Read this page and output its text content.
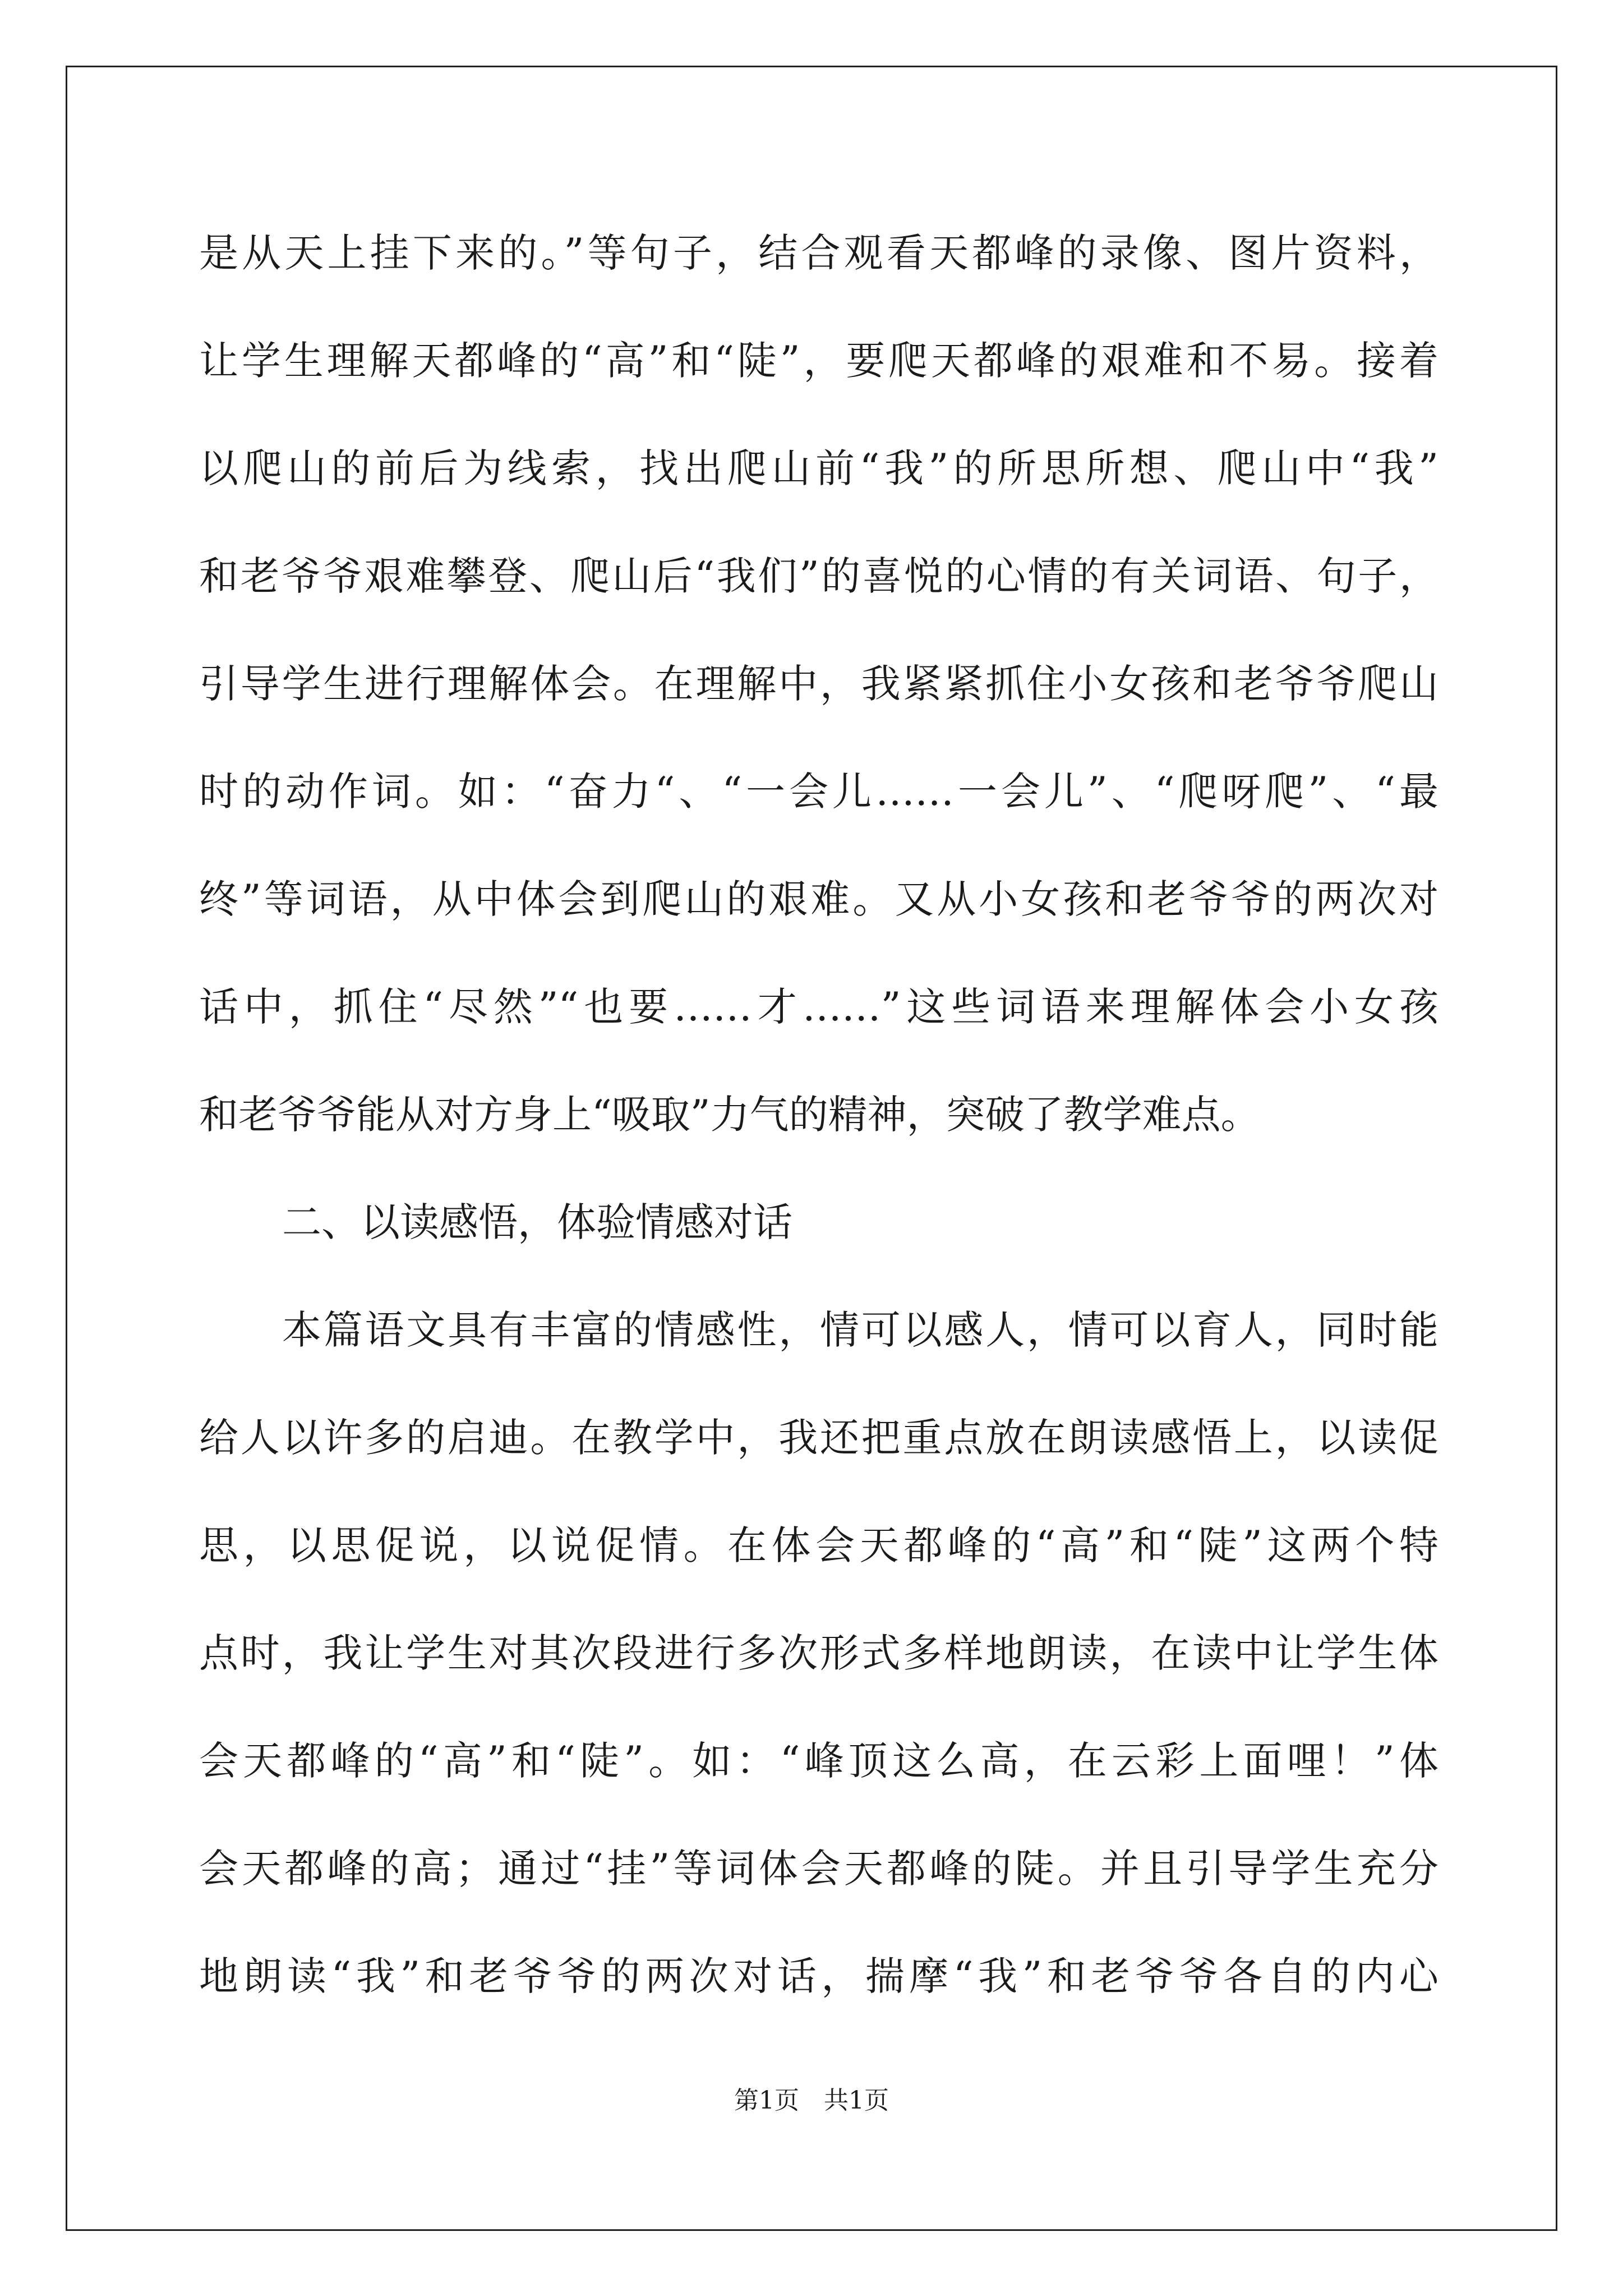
是从天上挂下来的。”等句子，结合观看天都峰的录像、图片资料，
让学生理解天都峰的“高”和“陡”，要爬天都峰的艰难和不易。接着
以爬山的前后为线索，找出爬山前“我”的所思所想、爬山中“我”
和老爷爷艰难攀登、爬山后“我们”的喜悦的心情的有关词语、句子，
引导学生进行理解体会。在理解中，我紧紧抓住小女孩和老爷爷爬山
时的动作词。如：“奋力“、“一会儿……一会儿”、“爬呀爬”、“最
终”等词语，从中体会到爬山的艰难。又从小女孩和老爷爷的两次对
话中，抓住“尽然”“也要……才……”这些词语来理解体会小女孩
和老爷爷能从对方身上“吸取”力气的精神，突破了教学难点。
二、以读感悟，体验情感对话
本篇语文具有丰富的情感性，情可以感人，情可以育人，同时能
给人以许多的启迪。在教学中，我还把重点放在朗读感悟上，以读促
思，以思促说，以说促情。在体会天都峰的“高”和“陡”这两个特
点时，我让学生对其次段进行多次形式多样地朗读，在读中让学生体
会天都峰的“高”和“陡”。如：“峰顶这么高，在云彩上面哩！”体
会天都峰的高；通过“挂”等词体会天都峰的陡。并且引导学生充分
地朗读“我”和老爷爷的两次对话，揣摩“我”和老爷爷各自的内心
第1页　共1页
